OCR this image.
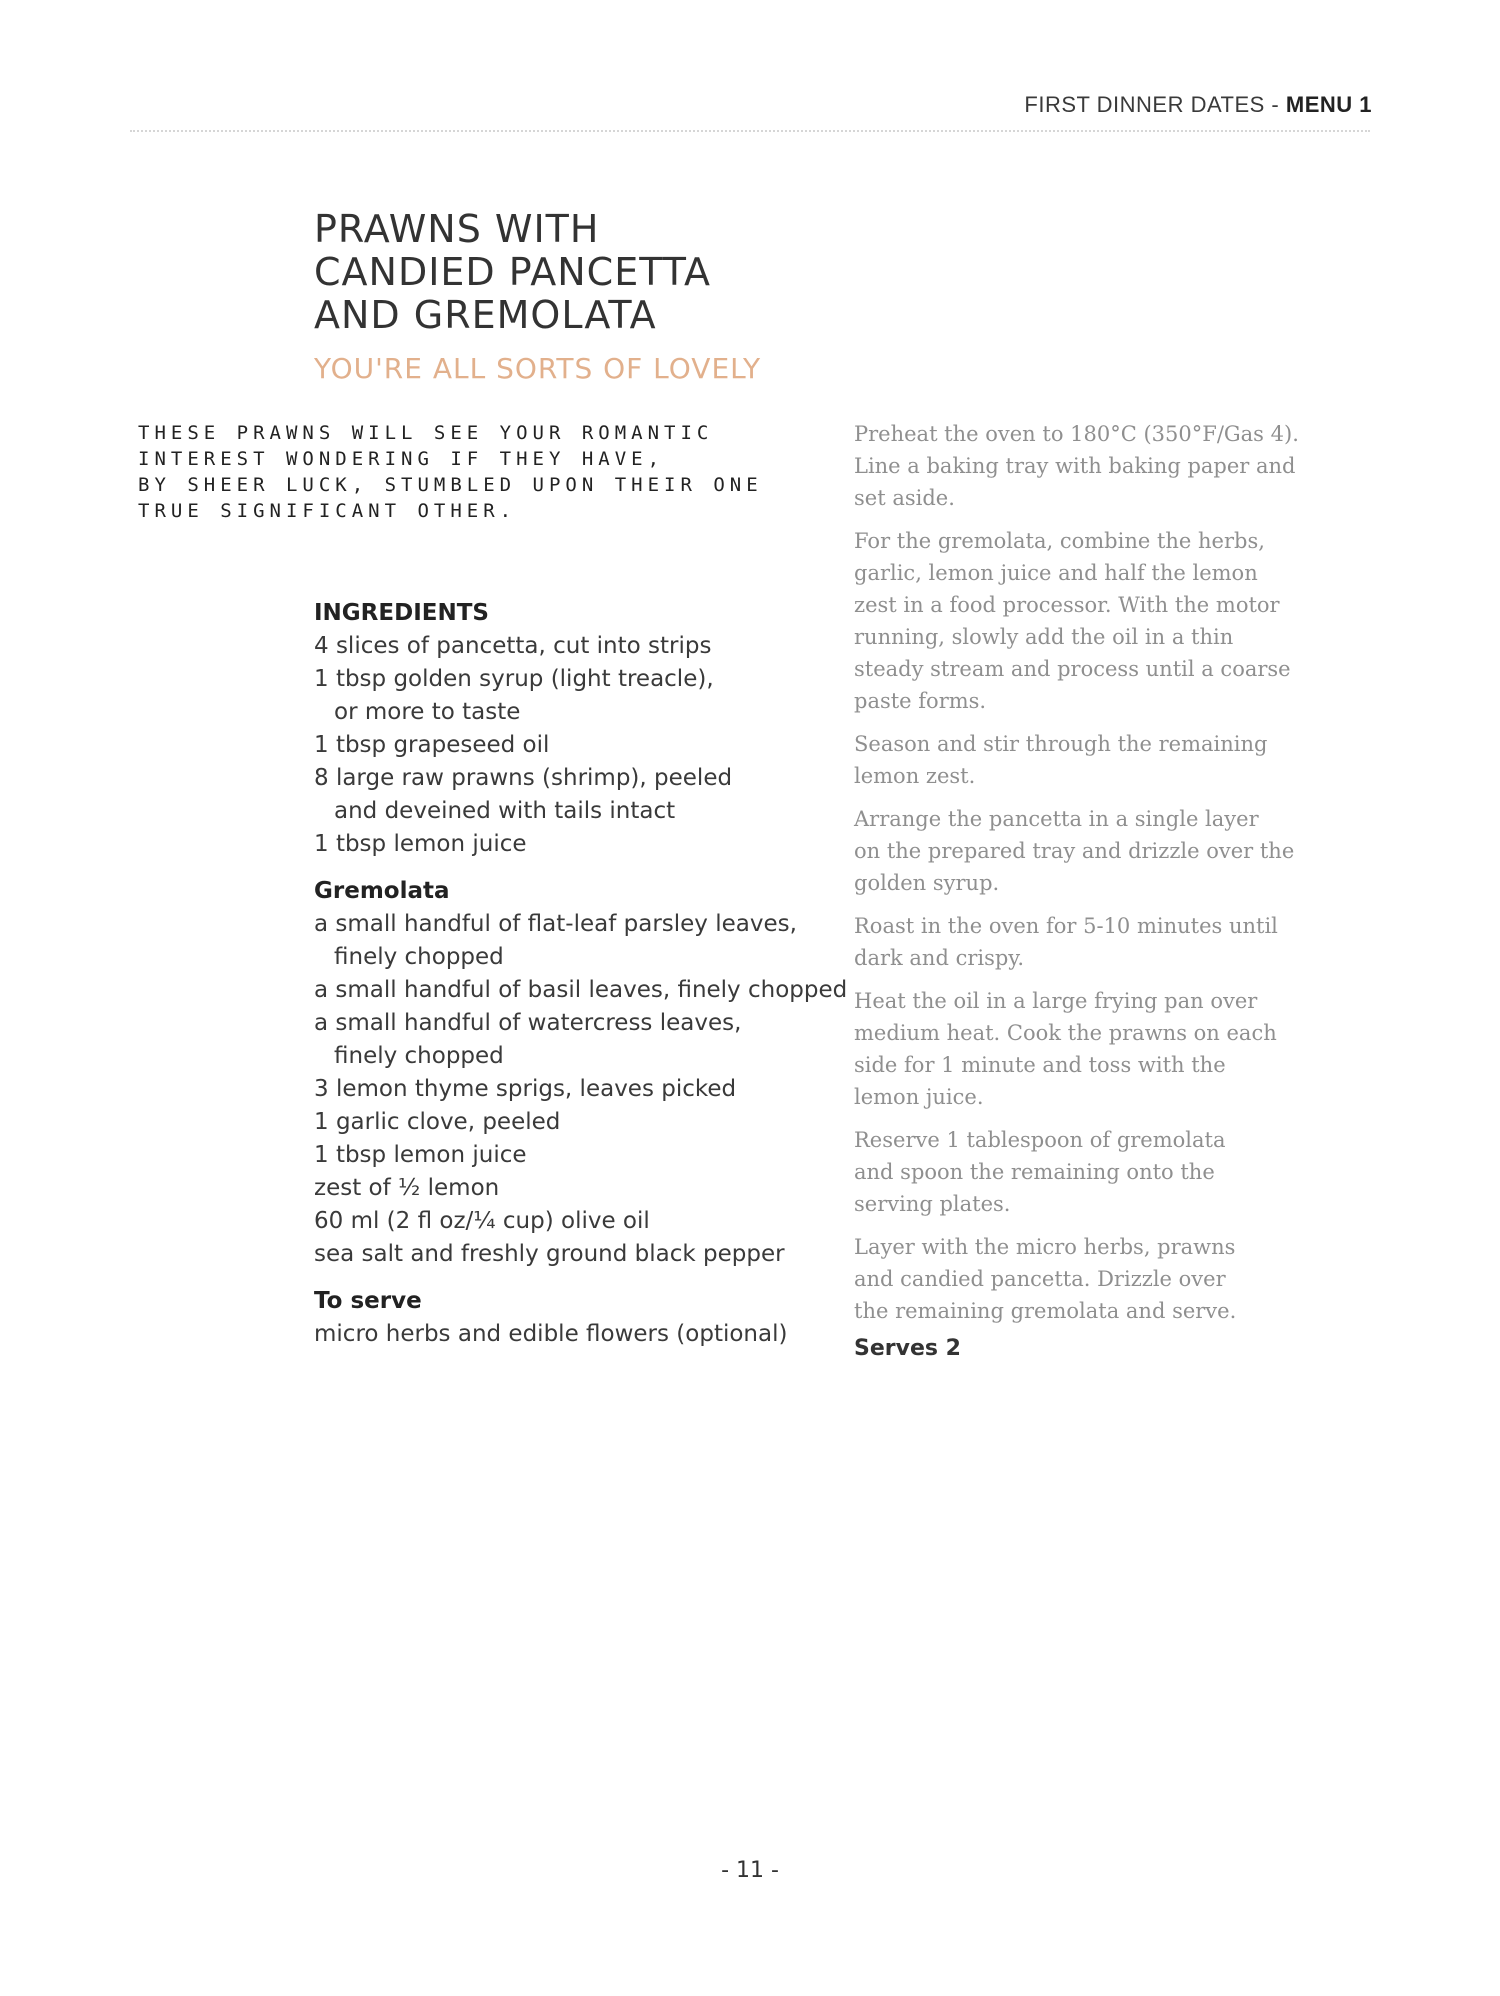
FIRST DINNER DATES - MENU 1
PRAWNS WITH
CANDIED PANCETTA
AND GREMOLATA
YOU'RE ALL SORTS OF LOVELY
THESE PRAWNS WILL SEE YOUR ROMANTIC
INTEREST WONDERING IF THEY HAVE,
BY SHEER LUCK, STUMBLED UPON THEIR ONE
TRUE SIGNIFICANT OTHER.
INGREDIENTS
4 slices of pancetta, cut into strips
1 tbsp golden syrup (light treacle),
or more to taste
1 tbsp grapeseed oil
8 large raw prawns (shrimp), peeled
and deveined with tails intact
1 tbsp lemon juice
Gremolata
a small handful of flat-leaf parsley leaves,
finely chopped
a small handful of basil leaves, finely chopped
a small handful of watercress leaves,
finely chopped
3 lemon thyme sprigs, leaves picked
1 garlic clove, peeled
1 tbsp lemon juice
zest of ½ lemon
60 ml (2 fl oz/¼ cup) olive oil
sea salt and freshly ground black pepper
To serve
micro herbs and edible flowers (optional)

Preheat the oven to 180°C (350°F/Gas 4).
Line a baking tray with baking paper and
set aside.

For the gremolata, combine the herbs,
garlic, lemon juice and half the lemon
zest in a food processor. With the motor
running, slowly add the oil in a thin
steady stream and process until a coarse
paste forms.

Season and stir through the remaining
lemon zest.

Arrange the pancetta in a single layer
on the prepared tray and drizzle over the
golden syrup.

Roast in the oven for 5-10 minutes until
dark and crispy.

Heat the oil in a large frying pan over
medium heat. Cook the prawns on each
side for 1 minute and toss with the
lemon juice.

Reserve 1 tablespoon of gremolata
and spoon the remaining onto the
serving plates.

Layer with the micro herbs, prawns
and candied pancetta. Drizzle over
the remaining gremolata and serve.

Serves 2
- 11 -
